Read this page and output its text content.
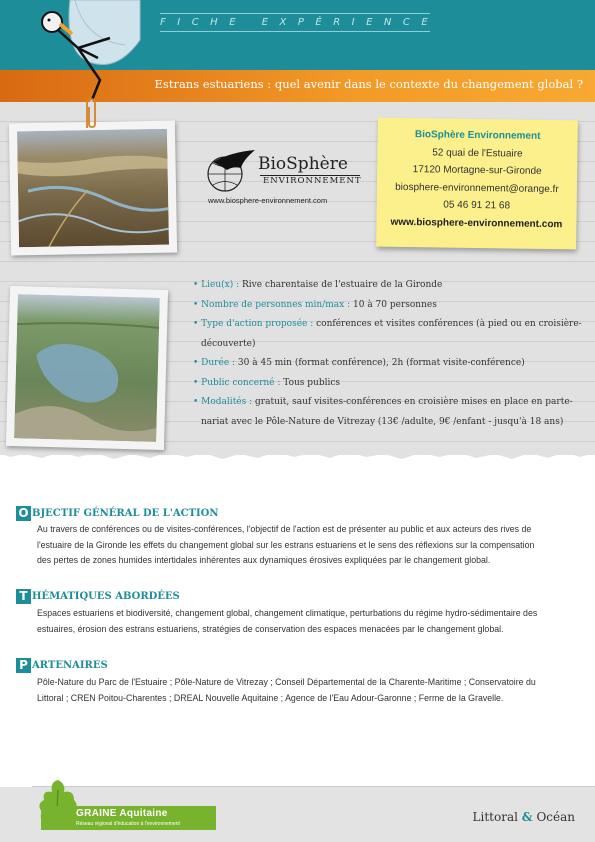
FICHE EXPÉRIENCE
Estrans estuariens : quel avenir dans le contexte du changement global ?
BioSphère
ENVIRONNEMENT
www.biosphere-environnement.com
BioSphère Environnement
52 quai de l'Estuaire
17120 Mortagne-sur-Gironde
biosphere-environnement@orange.fr
05 46 91 21 68
www.biosphere-environnement.com
• Lieu(x) : Rive charentaise de l'estuaire de la Gironde
• Nombre de personnes min/max : 10 à 70 personnes
• Type d'action proposée : conférences et visites conférences (à pied ou en croisière-
découverte)
• Durée : 30 à 45 min (format conférence), 2h (format visite-conférence)
• Public concerné : Tous publics
• Modalités : gratuit, sauf visites-conférences en croisière mises en place en parte-
nariat avec le Pôle-Nature de Vitrezay (13€ /adulte, 9€ /enfant - jusqu'à 18 ans)
O BJECTIF GÉNÉRAL DE L'ACTION
Au travers de conférences ou de visites-conférences, l'objectif de l'action est de présenter au public et aux acteurs des rives de
l'estuaire de la Gironde les effets du changement global sur les estrans estuariens et le sens des réflexions sur la compensation
des pertes de zones humides intertidales inhérentes aux dynamiques érosives expliquées par le changement global.
T HÉMATIQUES ABORDÉES
Espaces estuariens et biodiversité, changement global, changement climatique, perturbations du régime hydro-sédimentaire des
estuaires, érosion des estrans estuariens, stratégies de conservation des espaces menacées par le changement global.
P ARTENAIRES
Pôle-Nature du Parc de l'Estuaire ; Pôle-Nature de Vitrezay ; Conseil Départemental de la Charente-Maritime ; Conservatoire du
Littoral ; CREN Poitou-Charentes ; DREAL Nouvelle Aquitaine ; Agence de l'Eau Adour-Garonne ; Ferme de la Gravelle.
GRAINE Aquitaine
Réseau régional d'éducation à l'environnement	Littoral & Océan
